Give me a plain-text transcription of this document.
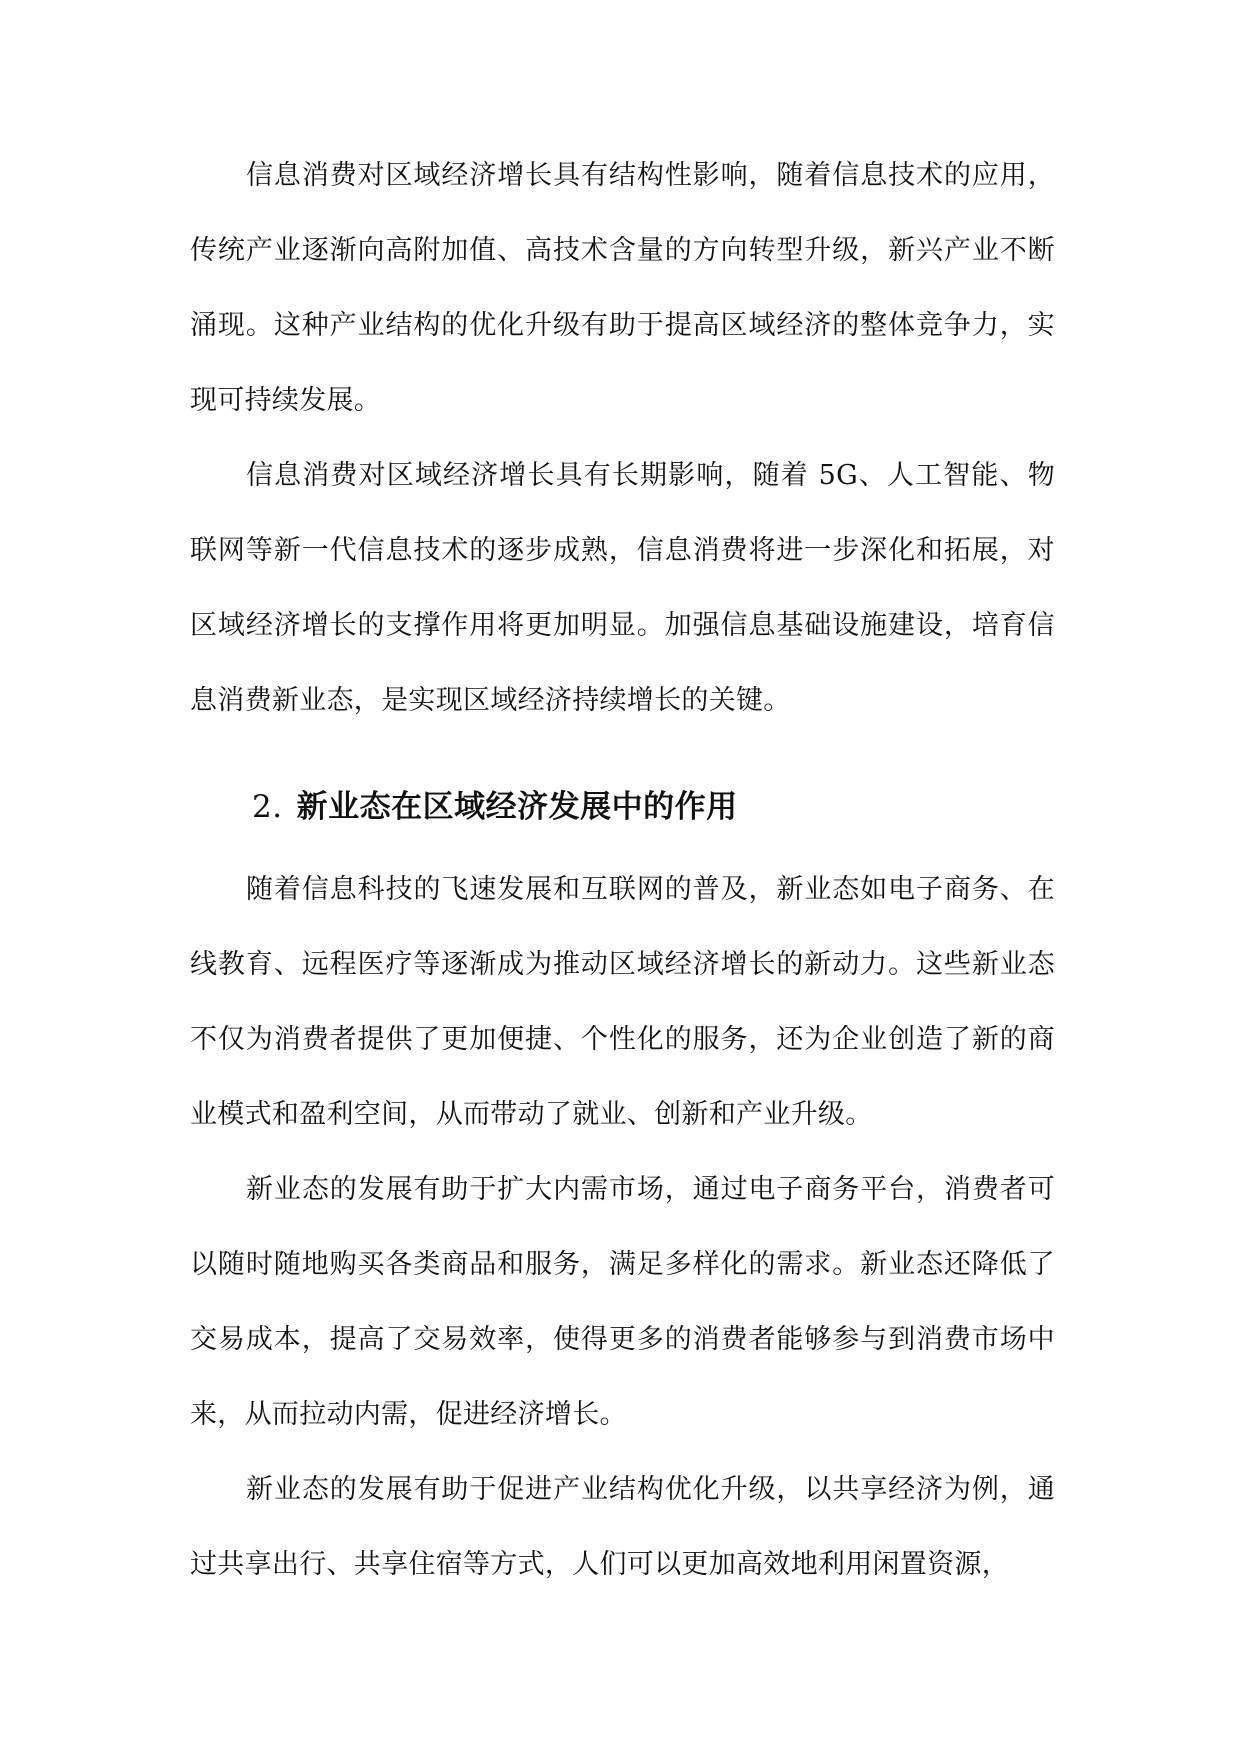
信息消费对区域经济增长具有结构性影响，随着信息技术的应用，传统产业逐渐向高附加值、高技术含量的方向转型升级，新兴产业不断涌现。这种产业结构的优化升级有助于提高区域经济的整体竞争力，实现可持续发展。

信息消费对区域经济增长具有长期影响，随着 5G、人工智能、物联网等新一代信息技术的逐步成熟，信息消费将进一步深化和拓展，对区域经济增长的支撑作用将更加明显。加强信息基础设施建设，培育信息消费新业态，是实现区域经济持续增长的关键。

2. 新业态在区域经济发展中的作用

随着信息科技的飞速发展和互联网的普及，新业态如电子商务、在线教育、远程医疗等逐渐成为推动区域经济增长的新动力。这些新业态不仅为消费者提供了更加便捷、个性化的服务，还为企业创造了新的商业模式和盈利空间，从而带动了就业、创新和产业升级。

新业态的发展有助于扩大内需市场，通过电子商务平台，消费者可以随时随地购买各类商品和服务，满足多样化的需求。新业态还降低了交易成本，提高了交易效率，使得更多的消费者能够参与到消费市场中来，从而拉动内需，促进经济增长。

新业态的发展有助于促进产业结构优化升级，以共享经济为例，通过共享出行、共享住宿等方式，人们可以更加高效地利用闲置资源，
